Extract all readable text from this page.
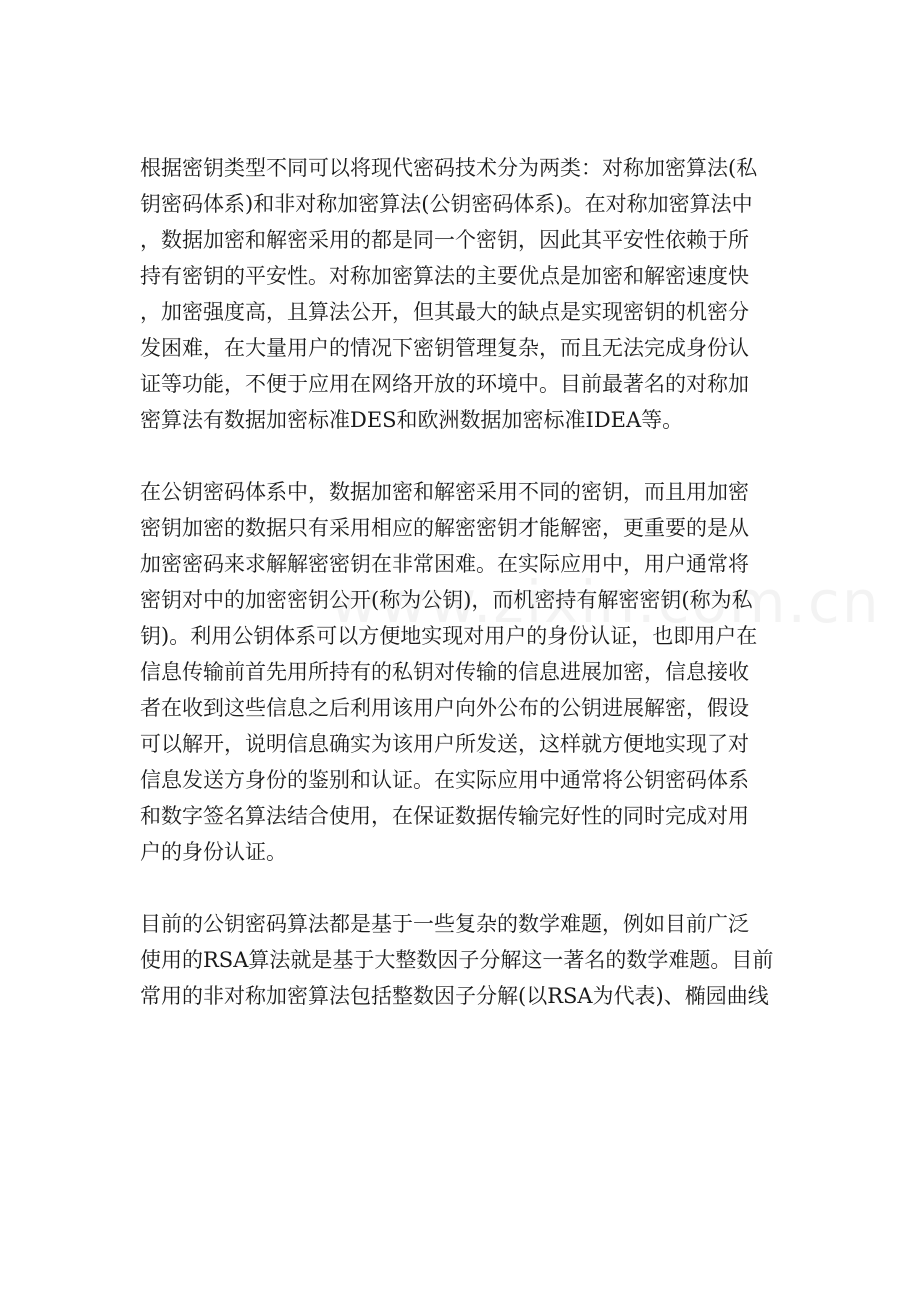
根据密钥类型不同可以将现代密码技术分为两类：对称加密算法(私
钥密码体系)和非对称加密算法(公钥密码体系)。在对称加密算法中
，数据加密和解密采用的都是同一个密钥，因此其平安性依赖于所
持有密钥的平安性。对称加密算法的主要优点是加密和解密速度快
，加密强度高，且算法公开，但其最大的缺点是实现密钥的机密分
发困难，在大量用户的情况下密钥管理复杂，而且无法完成身份认
证等功能，不便于应用在网络开放的环境中。目前最著名的对称加
密算法有数据加密标准DES和欧洲数据加密标准IDEA等。

在公钥密码体系中，数据加密和解密采用不同的密钥，而且用加密
密钥加密的数据只有采用相应的解密密钥才能解密，更重要的是从
加密密码来求解解密密钥在非常困难。在实际应用中，用户通常将
密钥对中的加密密钥公开(称为公钥)，而机密持有解密密钥(称为私
钥)。利用公钥体系可以方便地实现对用户的身份认证，也即用户在
信息传输前首先用所持有的私钥对传输的信息进展加密，信息接收
者在收到这些信息之后利用该用户向外公布的公钥进展解密，假设
可以解开，说明信息确实为该用户所发送，这样就方便地实现了对
信息发送方身份的鉴别和认证。在实际应用中通常将公钥密码体系
和数字签名算法结合使用，在保证数据传输完好性的同时完成对用
户的身份认证。

目前的公钥密码算法都是基于一些复杂的数学难题，例如目前广泛
使用的RSA算法就是基于大整数因子分解这一著名的数学难题。目前
常用的非对称加密算法包括整数因子分解(以RSA为代表)、椭园曲线
